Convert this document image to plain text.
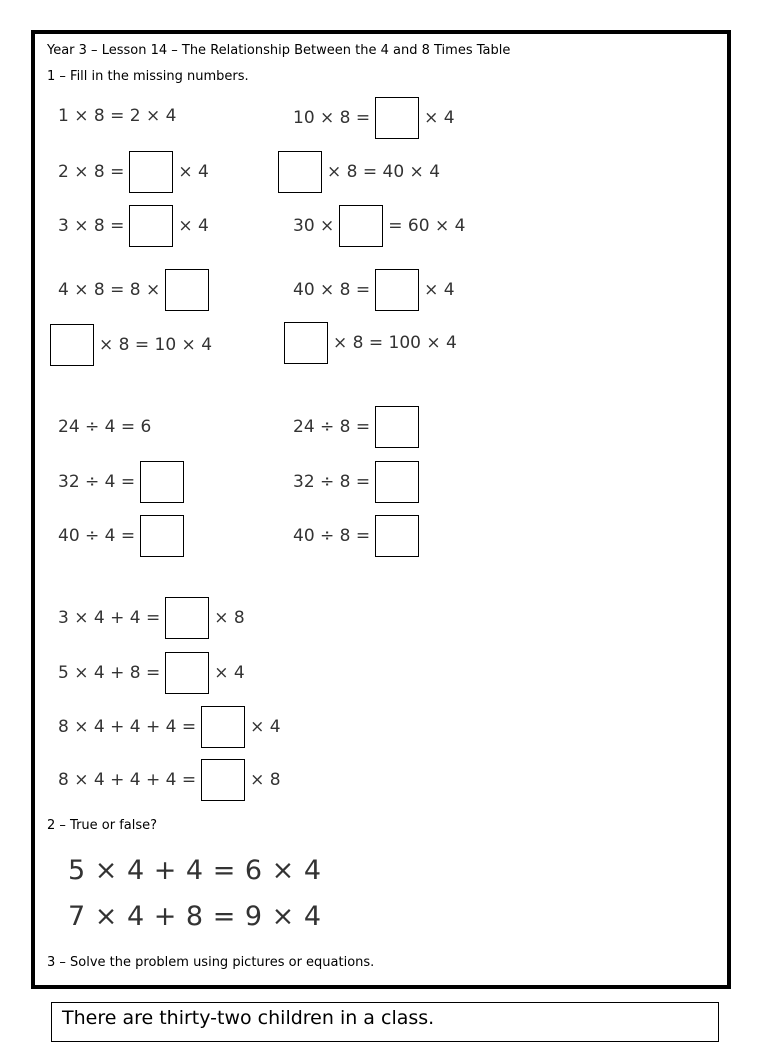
Year 3 – Lesson 14 – The Relationship Between the 4 and 8 Times Table
1 – Fill in the missing numbers.
1 × 8 = 2 × 4
2 × 8 =	× 4
3 × 8 =	× 4
4 × 8 = 8 ×
× 8 = 10 × 4
10 × 8 =	× 4
× 8 = 40 × 4
30 ×	= 60 × 4
40 × 8 =	× 4
× 8 = 100 × 4
24 ÷ 4 = 6
32 ÷ 4 =
40 ÷ 4 =
24 ÷ 8 =
32 ÷ 8 =
40 ÷ 8 =
3 × 4 + 4 =	× 8
5 × 4 + 8 =	× 4
8 × 4 + 4 + 4 =	× 4
8 × 4 + 4 + 4 =	× 8
2 – True or false?
5 × 4 + 4 = 6 × 4
7 × 4 + 8 = 9 × 4
3 – Solve the problem using pictures or equations.
There are thirty-two children in a class.
